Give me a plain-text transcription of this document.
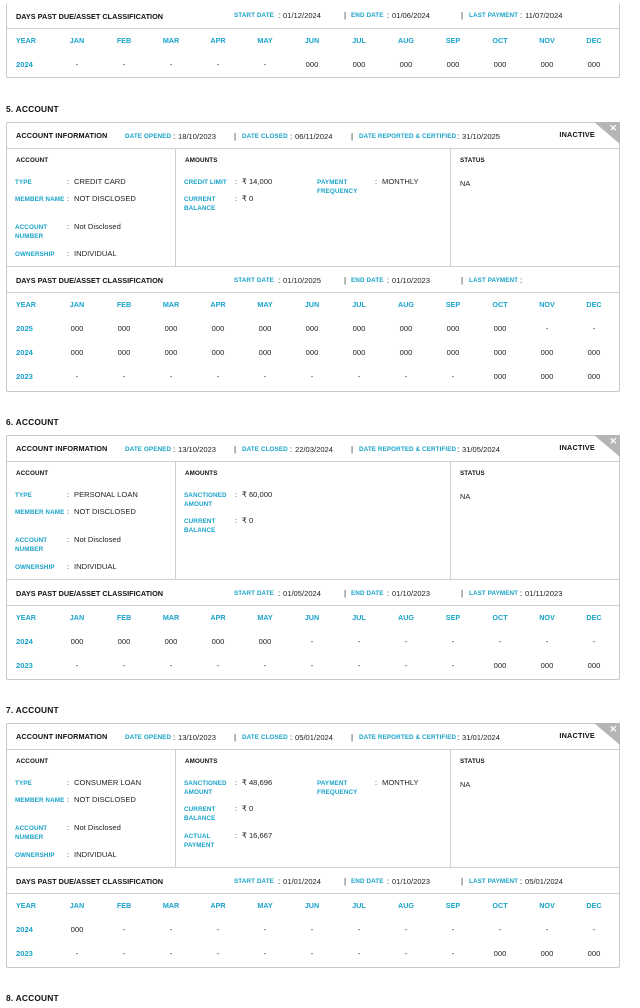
DAYS PAST DUE/ASSET CLASSIFICATION	START DATE : 01/12/2024	| END DATE : 01/06/2024	| LAST PAYMENT : 11/07/2024
YEAR	JAN	FEB	MAR	APR	MAY	JUN	JUL	AUG	SEP	OCT	NOV	DEC
2024	-	-	-	-	-	000	000	000	000	000	000	000
5. ACCOUNT
ACCOUNT INFORMATION	DATE OPENED : 18/10/2023 | DATE CLOSED : 06/11/2024 | DATE REPORTED & CERTIFIED : 31/10/2025	INACTIVE
✕
ACCOUNT
TYPE	: CREDIT CARD
MEMBER NAME : NOT DISCLOSED
ACCOUNT NUMBER
: Not Disclosed
OWNERSHIP	: INDIVIDUAL
AMOUNTS
CREDIT LIMIT	: ₹ 14,000
CURRENT BALANCE
: ₹ 0
PAYMENT FREQUENCY
: MONTHLY
STATUS
NA
DAYS PAST DUE/ASSET CLASSIFICATION	START DATE : 01/10/2025	| END DATE : 01/10/2023	| LAST PAYMENT :
YEAR	JAN	FEB	MAR	APR	MAY	JUN	JUL	AUG	SEP	OCT	NOV	DEC
2025	000	000	000	000	000	000	000	000	000	000	-	-
2024	000	000	000	000	000	000	000	000	000	000	000	000
2023	-	-	-	-	-	-	-	-	-	000	000	000
6. ACCOUNT
ACCOUNT INFORMATION	DATE OPENED : 13/10/2023 | DATE CLOSED : 22/03/2024 | DATE REPORTED & CERTIFIED : 31/05/2024	INACTIVE
✕
ACCOUNT
TYPE	: PERSONAL LOAN
MEMBER NAME : NOT DISCLOSED
ACCOUNT NUMBER
: Not Disclosed
OWNERSHIP	: INDIVIDUAL
AMOUNTS
SANCTIONED AMOUNT
: ₹ 60,000
CURRENT BALANCE
: ₹ 0
STATUS
NA
DAYS PAST DUE/ASSET CLASSIFICATION	START DATE : 01/05/2024	| END DATE : 01/10/2023	| LAST PAYMENT : 01/11/2023
YEAR	JAN	FEB	MAR	APR	MAY	JUN	JUL	AUG	SEP	OCT	NOV	DEC
2024	000	000	000	000	000	-	-	-	-	-	-	-
2023	-	-	-	-	-	-	-	-	-	000	000	000
7. ACCOUNT
ACCOUNT INFORMATION	DATE OPENED : 13/10/2023 | DATE CLOSED : 05/01/2024 | DATE REPORTED & CERTIFIED : 31/01/2024	INACTIVE
✕
ACCOUNT
TYPE	: CONSUMER LOAN
MEMBER NAME : NOT DISCLOSED
ACCOUNT NUMBER
: Not Disclosed
OWNERSHIP	: INDIVIDUAL
AMOUNTS
SANCTIONED AMOUNT
: ₹ 48,696
CURRENT BALANCE
: ₹ 0
ACTUAL PAYMENT
: ₹ 16,667
PAYMENT FREQUENCY
: MONTHLY
STATUS
NA
DAYS PAST DUE/ASSET CLASSIFICATION	START DATE : 01/01/2024	| END DATE : 01/10/2023	| LAST PAYMENT : 05/01/2024
YEAR	JAN	FEB	MAR	APR	MAY	JUN	JUL	AUG	SEP	OCT	NOV	DEC
2024	000	-	-	-	-	-	-	-	-	-	-	-
2023	-	-	-	-	-	-	-	-	-	000	000	000
8. ACCOUNT
